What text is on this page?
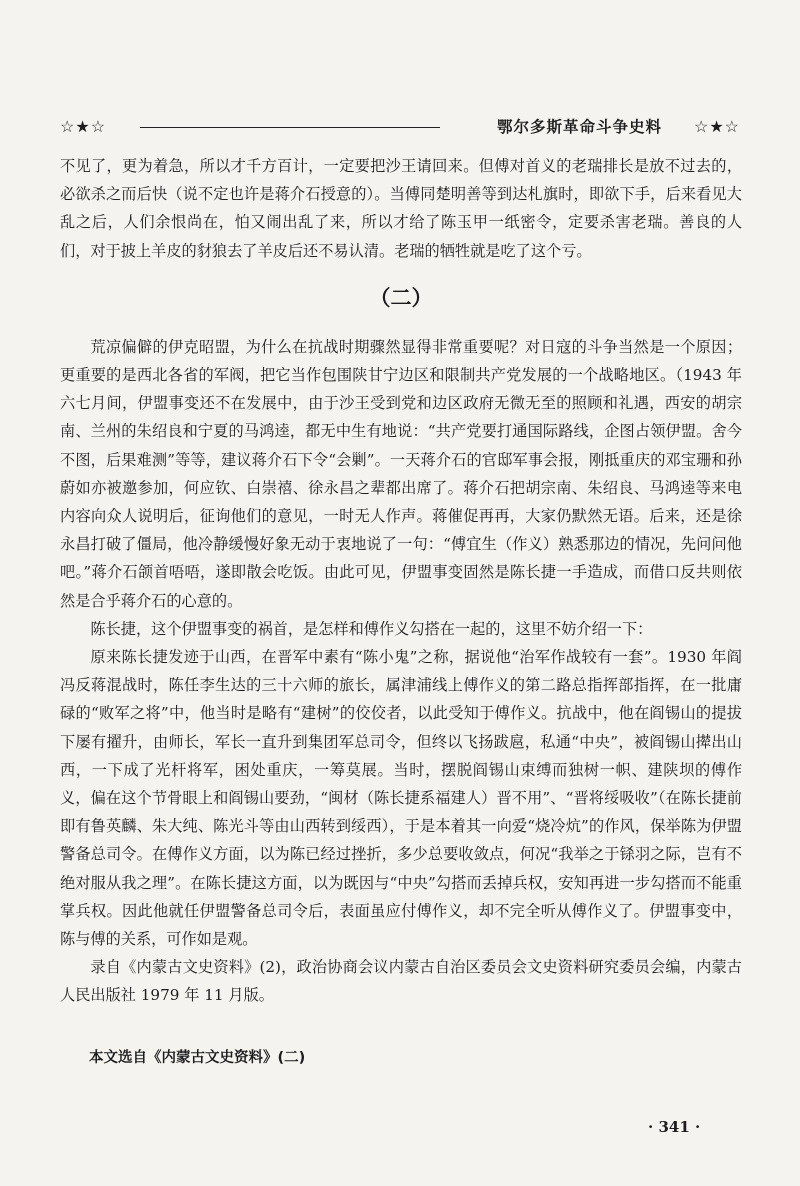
☆★☆	鄂尔多斯革命斗争史料 ☆★☆

不见了，更为着急，所以才千方百计，一定要把沙王请回来。但傅对首义的老瑞排长是放不过去的，必欲杀之而后快（说不定也许是蒋介石授意的）。当傅同楚明善等到达札旗时，即欲下手，后来看见大乱之后，人们余恨尚在，怕又闹出乱了来，所以才给了陈玉甲一纸密令，定要杀害老瑞。善良的人们，对于披上羊皮的豺狼去了羊皮后还不易认清。老瑞的牺牲就是吃了这个亏。

（二）

荒凉偏僻的伊克昭盟，为什么在抗战时期骤然显得非常重要呢？对日寇的斗争当然是一个原因；更重要的是西北各省的军阀，把它当作包围陕甘宁边区和限制共产党发展的一个战略地区。（1943 年六七月间，伊盟事变还不在发展中，由于沙王受到党和边区政府无微无至的照顾和礼遇，西安的胡宗南、兰州的朱绍良和宁夏的马鸿逵，都无中生有地说：“共产党要打通国际路线，企图占领伊盟。舍今不图，后果难测”等等，建议蒋介石下令“会剿”。一天蒋介石的官邸军事会报，刚抵重庆的邓宝珊和孙蔚如亦被邀参加，何应钦、白崇禧、徐永昌之辈都出席了。蒋介石把胡宗南、朱绍良、马鸿逵等来电内容向众人说明后，征询他们的意见，一时无人作声。蒋催促再再，大家仍默然无语。后来，还是徐永昌打破了僵局，他冷静缓慢好象无动于衷地说了一句：“傅宜生（作义）熟悉那边的情况，先问问他吧。”蒋介石颌首唔唔，遂即散会吃饭。由此可见，伊盟事变固然是陈长捷一手造成，而借口反共则依然是合乎蒋介石的心意的。

陈长捷，这个伊盟事变的祸首，是怎样和傅作义勾搭在一起的，这里不妨介绍一下：

原来陈长捷发迹于山西，在晋军中素有“陈小鬼”之称，据说他“治军作战较有一套”。1930 年阎冯反蒋混战时，陈任李生达的三十六师的旅长，属津浦线上傅作义的第二路总指挥部指挥，在一批庸碌的“败军之将”中，他当时是略有“建树”的佼佼者，以此受知于傅作义。抗战中，他在阎锡山的提拔下屡有擢升，由师长，军长一直升到集团军总司令，但终以飞扬跋扈，私通“中央”，被阎锡山撵出山西，一下成了光杆将军，困处重庆，一筹莫展。当时，摆脱阎锡山束缚而独树一帜、建陕坝的傅作义，偏在这个节骨眼上和阎锡山要劲，“闽材（陈长捷系福建人）晋不用”、“晋将绥吸收”（在陈长捷前即有鲁英麟、朱大纯、陈光斗等由山西转到绥西），于是本着其一向爱“烧冷炕”的作风，保举陈为伊盟警备总司令。在傅作义方面，以为陈已经过挫折，多少总要收敛点，何况“我举之于铩羽之际，岂有不绝对服从我之理”。在陈长捷这方面，以为既因与“中央”勾搭而丢掉兵权，安知再进一步勾搭而不能重掌兵权。因此他就任伊盟警备总司令后，表面虽应付傅作义，却不完全听从傅作义了。伊盟事变中，陈与傅的关系，可作如是观。

录自《内蒙古文史资料》(2)，政治协商会议内蒙古自治区委员会文史资料研究委员会编，内蒙古人民出版社 1979 年 11 月版。

本文选自《内蒙古文史资料》(二)

· 341 ·
